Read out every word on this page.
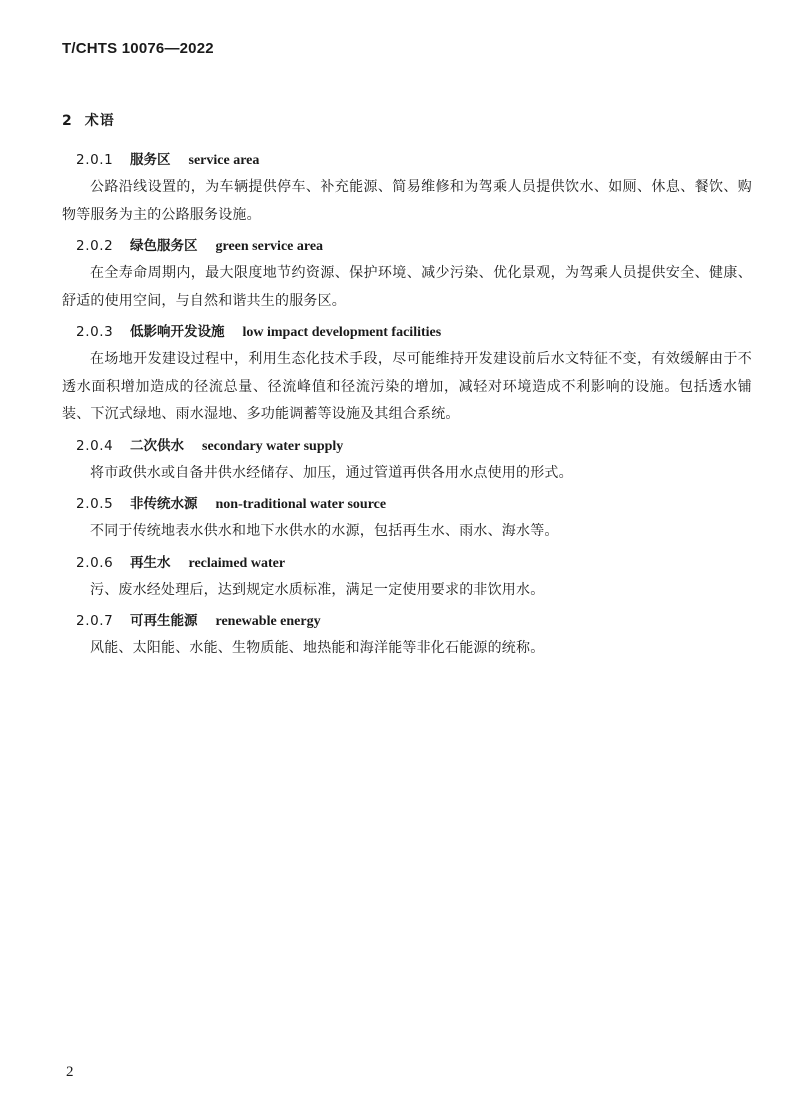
T/CHTS 10076—2022
2 术语
2.0.1 服务区 service area

公路沿线设置的，为车辆提供停车、补充能源、简易维修和为驾乘人员提供饮水、如厕、休息、餐饮、购物等服务为主的公路服务设施。

2.0.2 绿色服务区 green service area

在全寿命周期内，最大限度地节约资源、保护环境、减少污染、优化景观，为驾乘人员提供安全、健康、舒适的使用空间，与自然和谐共生的服务区。

2.0.3 低影响开发设施 low impact development facilities

在场地开发建设过程中，利用生态化技术手段，尽可能维持开发建设前后水文特征不变，有效缓解由于不透水面积增加造成的径流总量、径流峰值和径流污染的增加，减轻对环境造成不利影响的设施。包括透水铺装、下沉式绿地、雨水湿地、多功能调蓄等设施及其组合系统。

2.0.4 二次供水 secondary water supply

将市政供水或自备井供水经储存、加压，通过管道再供各用水点使用的形式。

2.0.5 非传统水源 non-traditional water source

不同于传统地表水供水和地下水供水的水源，包括再生水、雨水、海水等。

2.0.6 再生水 reclaimed water

污、废水经处理后，达到规定水质标准，满足一定使用要求的非饮用水。

2.0.7 可再生能源 renewable energy

风能、太阳能、水能、生物质能、地热能和海洋能等非化石能源的统称。

2
